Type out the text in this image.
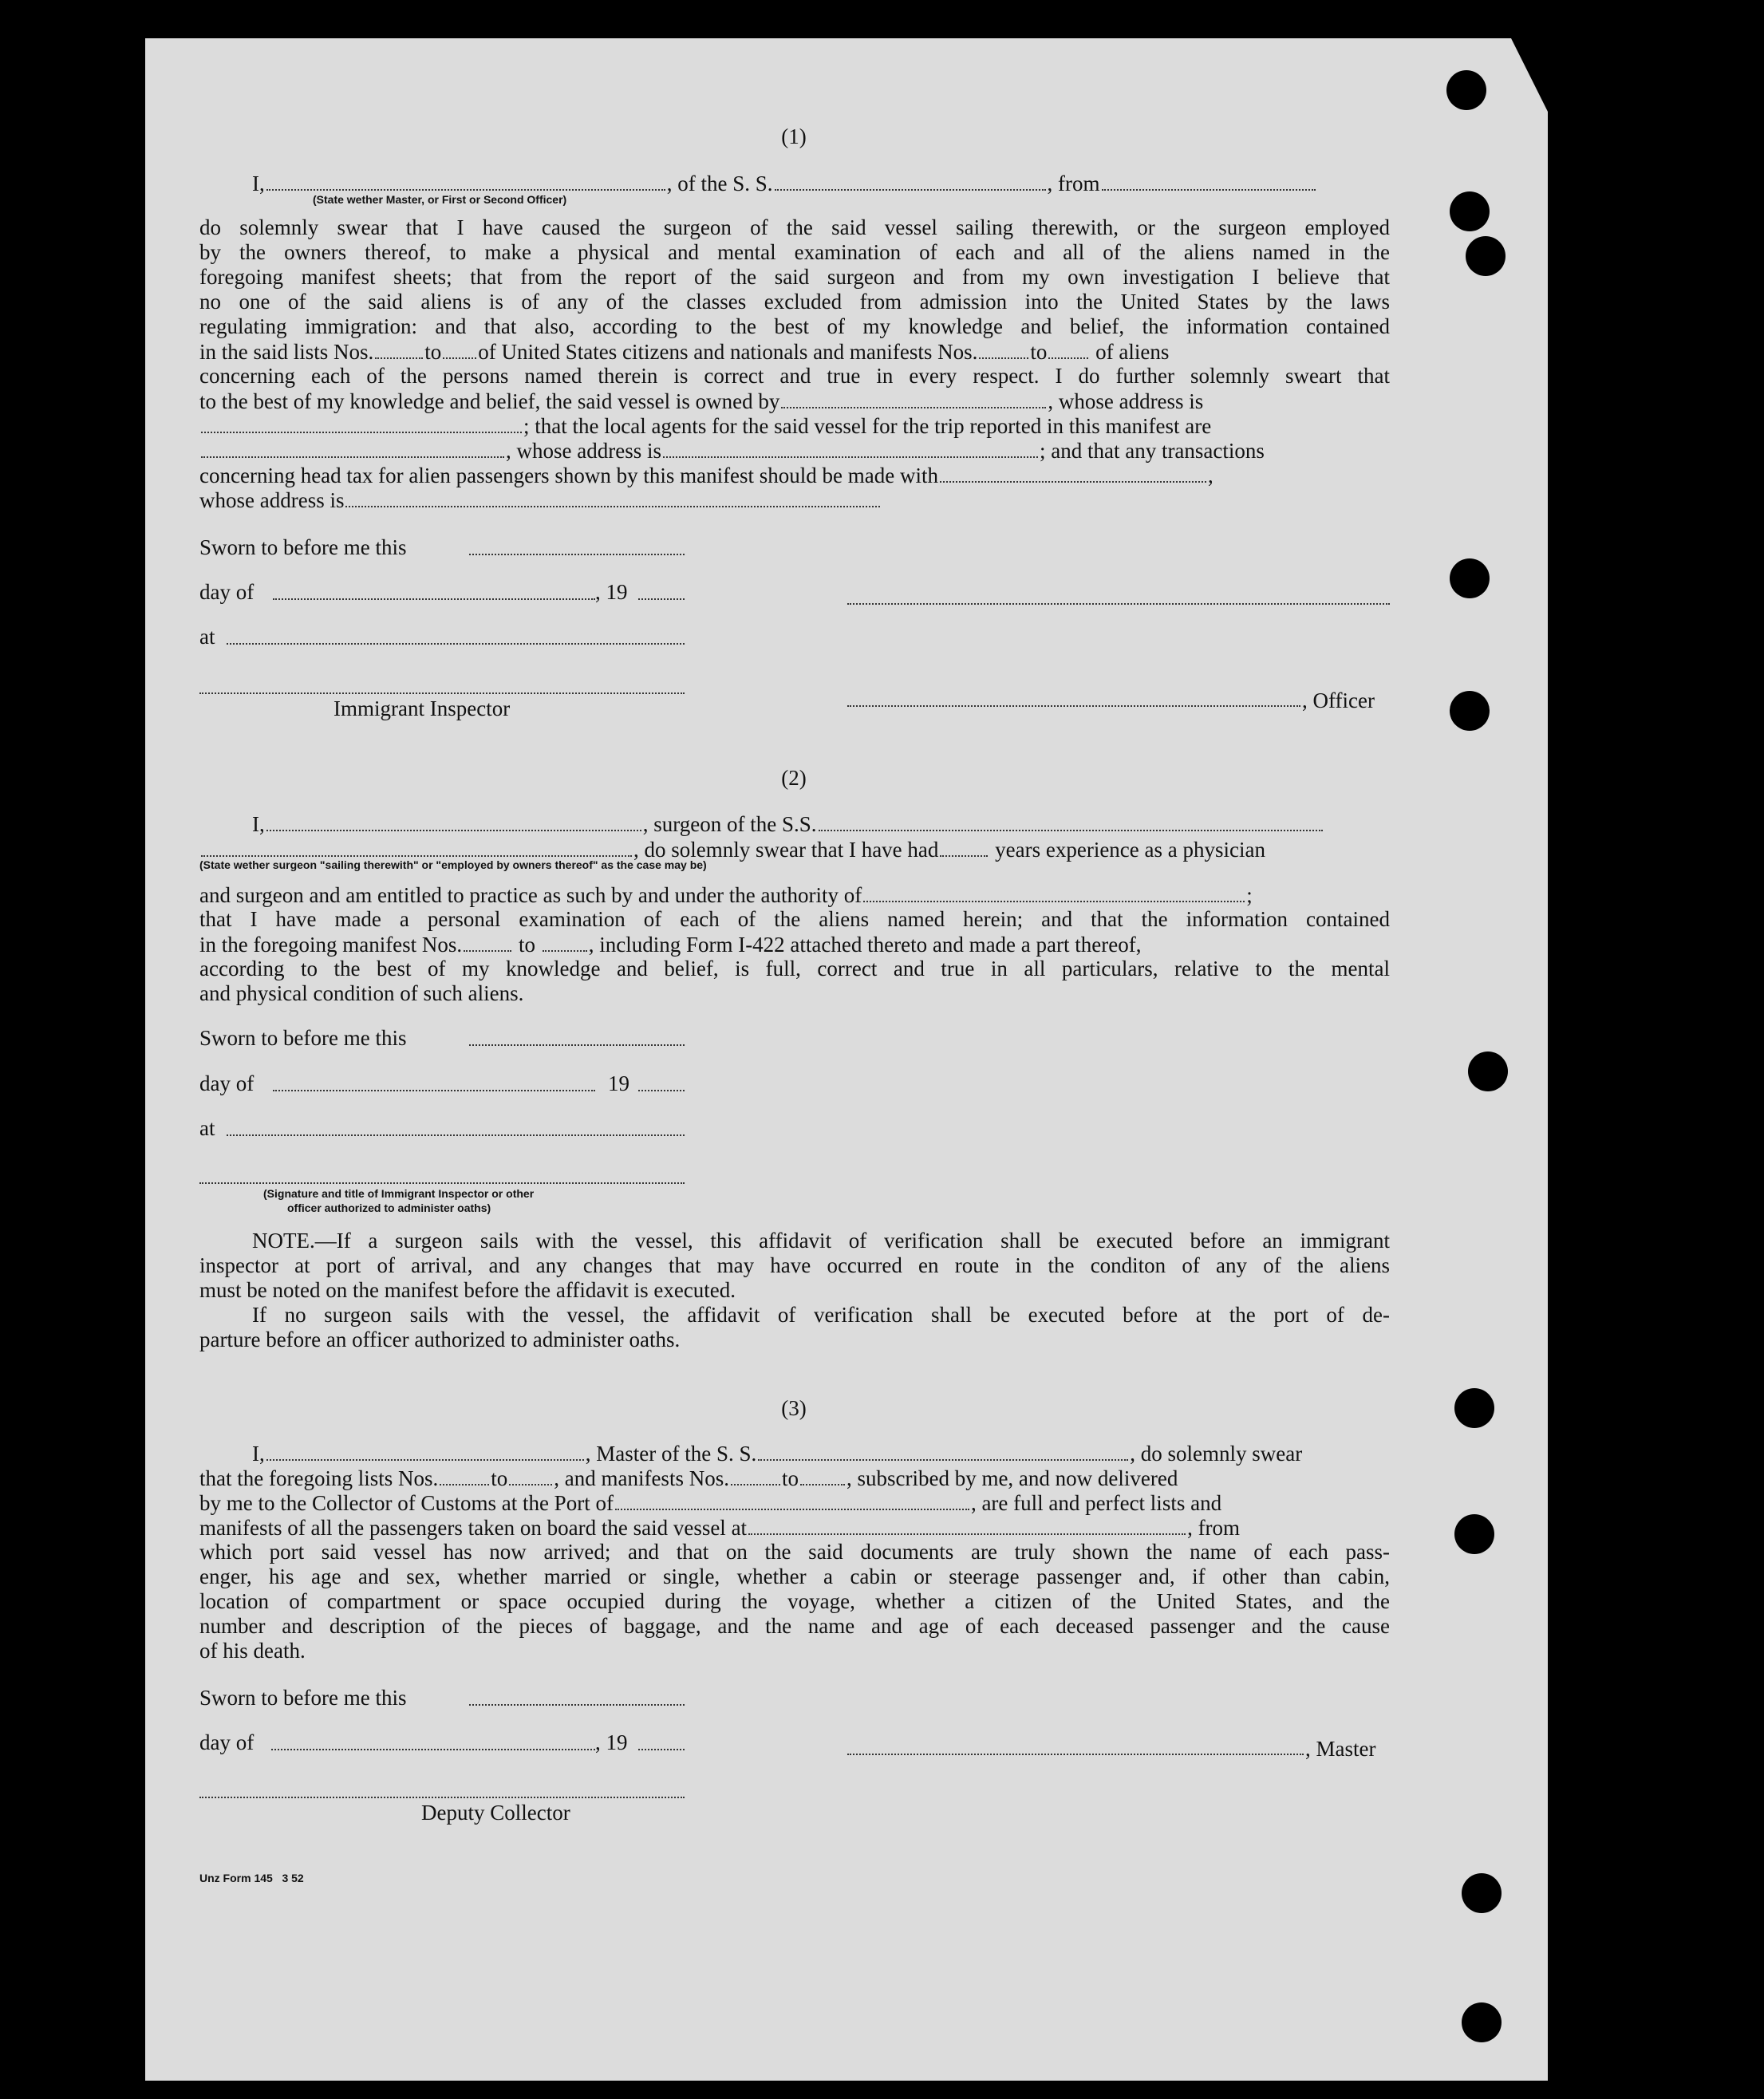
(1)
I,	, of the S. S.	, from
(State wether Master, or First or Second Officer)
do solemnly swear that I have caused the surgeon of the said vessel sailing therewith, or the surgeon employed
by the owners thereof, to make a physical and mental examination of each and all of the aliens named in the
foregoing manifest sheets; that from the report of the said surgeon and from my own investigation I believe that
no one of the said aliens is of any of the classes excluded from admission into the United States by the laws
regulating immigration: and that also, according to the best of my knowledge and belief, the information contained
in the said lists Nos. to of United States citizens and nationals and manifests Nos. to of aliens
concerning each of the persons named therein is correct and true in every respect. I do further solemnly sweart that
to the best of my knowledge and belief, the said vessel is owned by	, whose address is
; that the local agents for the said vessel for the trip reported in this manifest are
, whose address is	; and that any transactions
concerning head tax for alien passengers shown by this manifest should be made with	,
whose address is
Sworn to before me this
day of	, 19
at
Immigrant Inspector	, Officer
(2)
I,	, surgeon of the S.S.
, do solemnly swear that I have had	years experience as a physician
(State wether surgeon "sailing therewith" or "employed by owners thereof" as the case may be)
and surgeon and am entitled to practice as such by and under the authority of	;
that I have made a personal examination of each of the aliens named herein; and that the information contained
in the foregoing manifest Nos.	to , including Form I-422 attached thereto and made a part thereof,
according to the best of my knowledge and belief, is full, correct and true in all particulars, relative to the mental
and physical condition of such aliens.
Sworn to before me this
day of	19
at
(Signature and title of Immigrant Inspector or other
officer authorized to administer oaths)
NOTE.—If a surgeon sails with the vessel, this affidavit of verification shall be executed before an immigrant
inspector at port of arrival, and any changes that may have occurred en route in the conditon of any of the aliens
must be noted on the manifest before the affidavit is executed.
If no surgeon sails with the vessel, the affidavit of verification shall be executed before at the port of de-
parture before an officer authorized to administer oaths.
(3)
I,	, Master of the S. S.	, do solemnly swear
that the foregoing lists Nos. to , and manifests Nos. to , subscribed by me, and now delivered
by me to the Collector of Customs at the Port of	, are full and perfect lists and
manifests of all the passengers taken on board the said vessel at	, from
which port said vessel has now arrived; and that on the said documents are truly shown the name of each pass-
enger, his age and sex, whether married or single, whether a cabin or steerage passenger and, if other than cabin,
location of compartment or space occupied during the voyage, whether a citizen of the United States, and the
number and description of the pieces of baggage, and the name and age of each deceased passenger and the cause
of his death.
Sworn to before me this
day of	, 19	, Master
Deputy Collector
Unz Form 145   3 52
